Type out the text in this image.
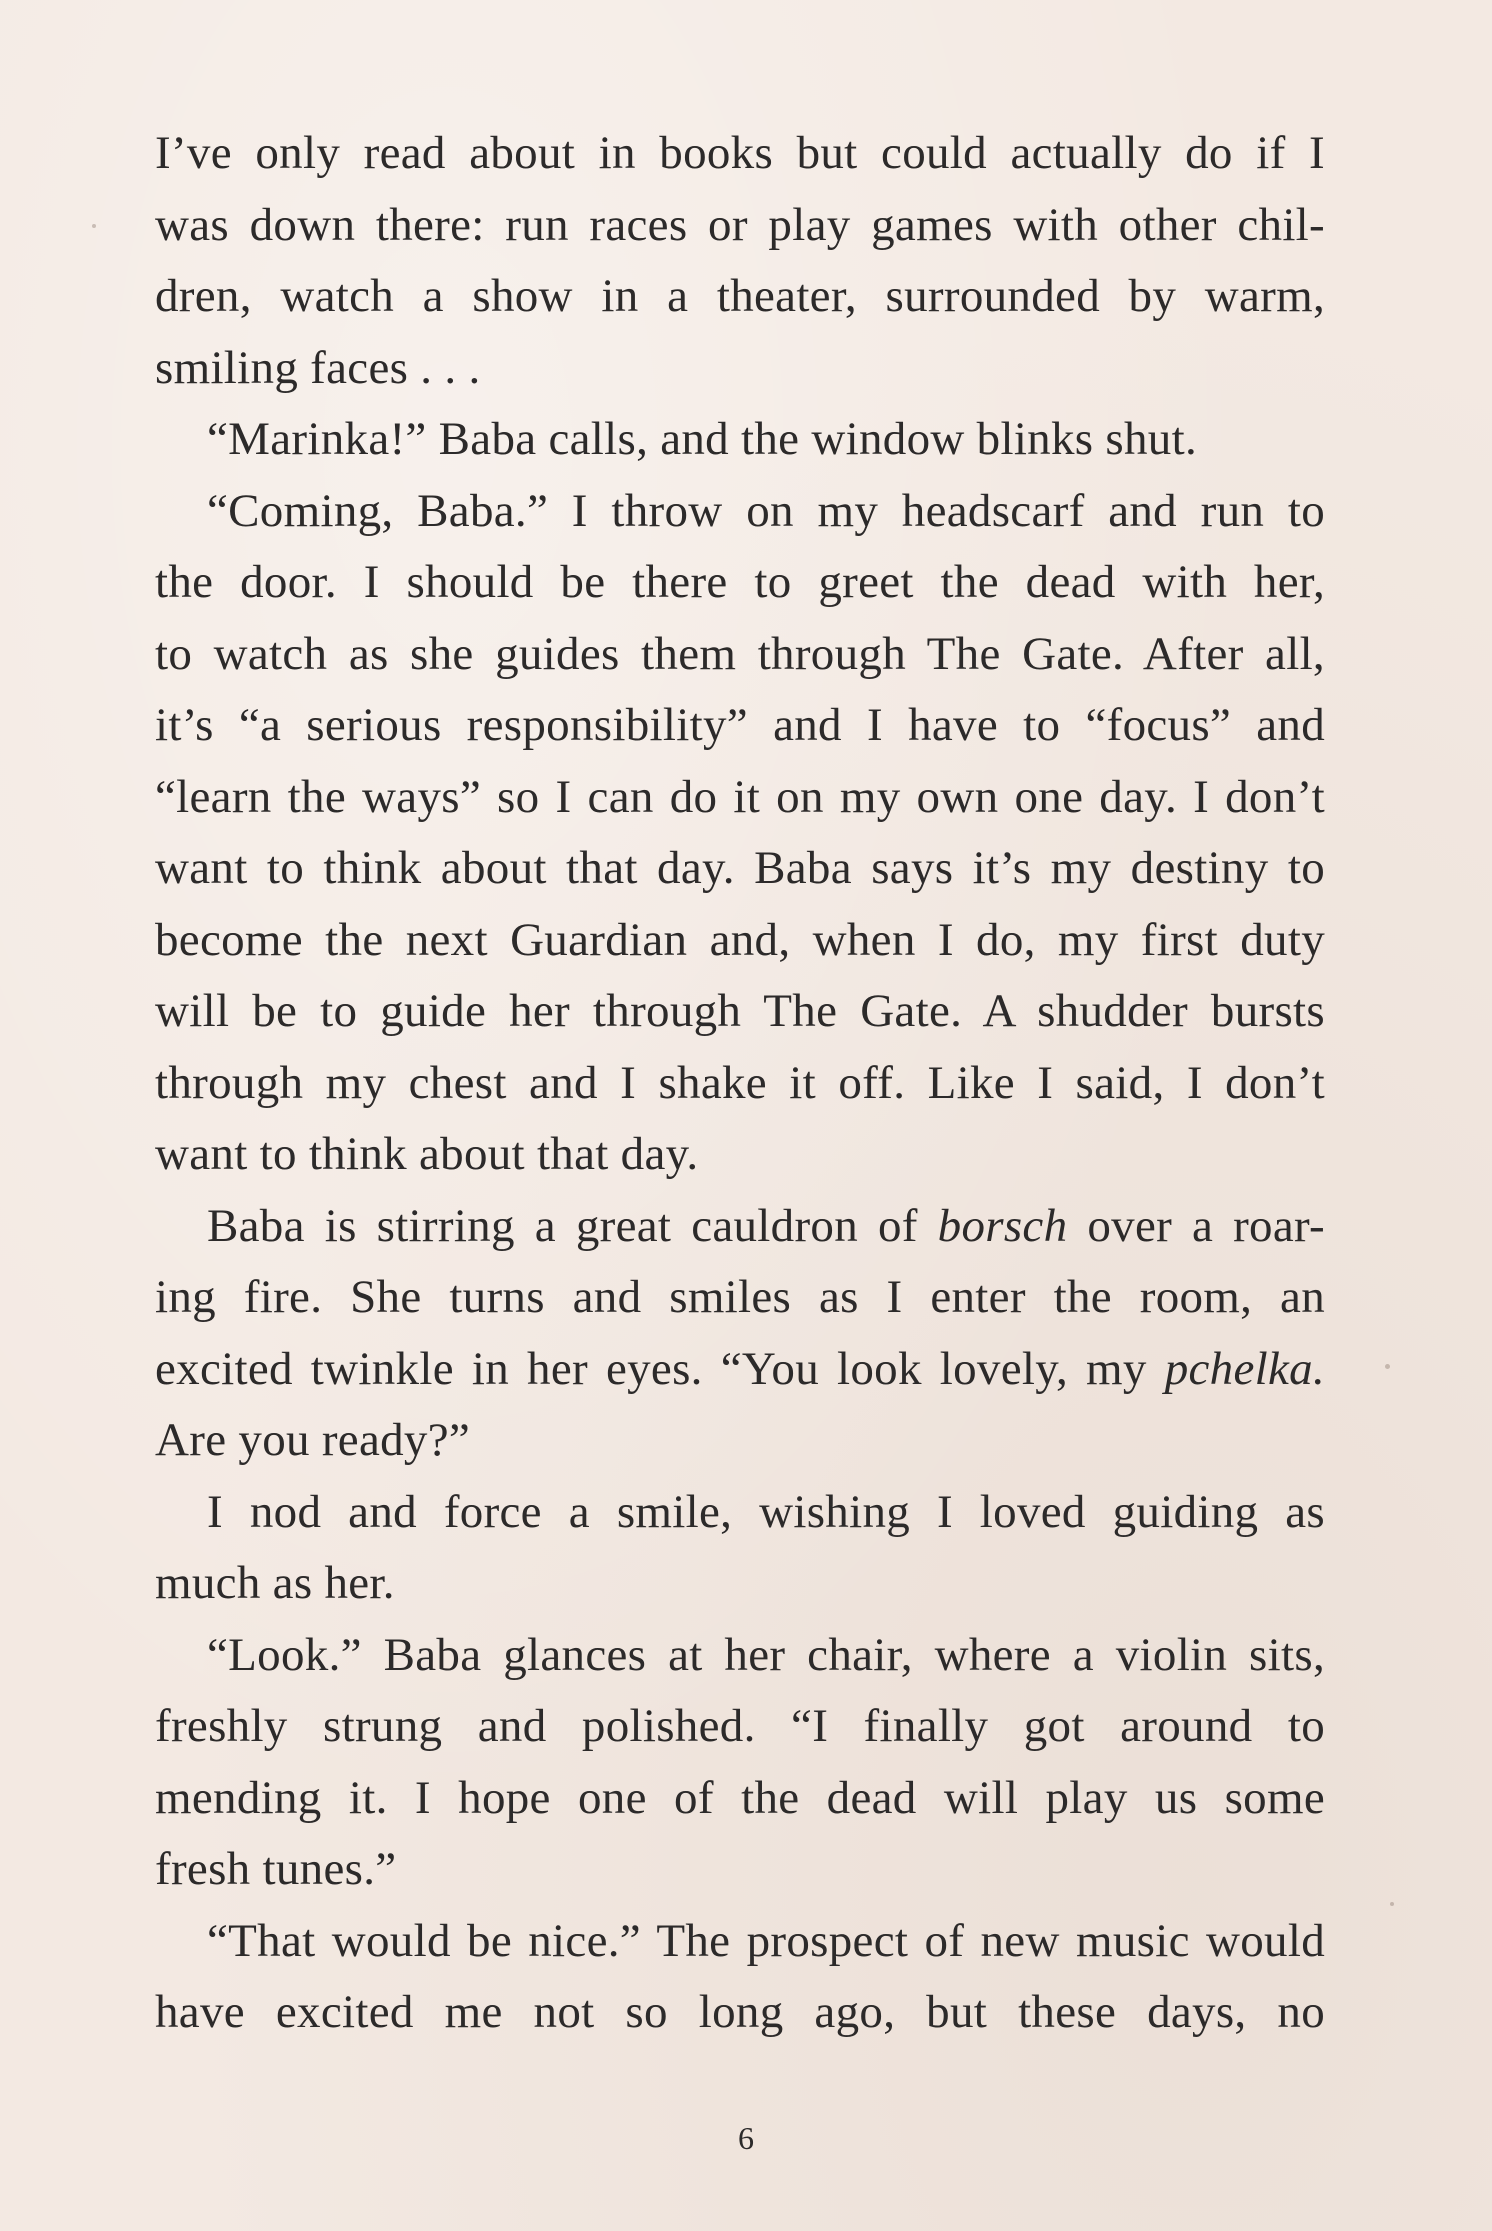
I’ve only read about in books but could actually do if I
was down there: run races or play games with other chil-
dren, watch a show in a theater, surrounded by warm,
smiling faces . . .

“Marinka!” Baba calls, and the window blinks shut.

“Coming, Baba.” I throw on my headscarf and run to
the door. I should be there to greet the dead with her,
to watch as she guides them through The Gate. After all,
it’s “a serious responsibility” and I have to “focus” and
“learn the ways” so I can do it on my own one day. I don’t
want to think about that day. Baba says it’s my destiny to
become the next Guardian and, when I do, my first duty
will be to guide her through The Gate. A shudder bursts
through my chest and I shake it off. Like I said, I don’t
want to think about that day.

Baba is stirring a great cauldron of borsch over a roar-
ing fire. She turns and smiles as I enter the room, an
excited twinkle in her eyes. “You look lovely, my pchelka.
Are you ready?”

I nod and force a smile, wishing I loved guiding as
much as her.

“Look.” Baba glances at her chair, where a violin sits,
freshly strung and polished. “I finally got around to
mending it. I hope one of the dead will play us some
fresh tunes.”

“That would be nice.” The prospect of new music would
have excited me not so long ago, but these days, no

6
